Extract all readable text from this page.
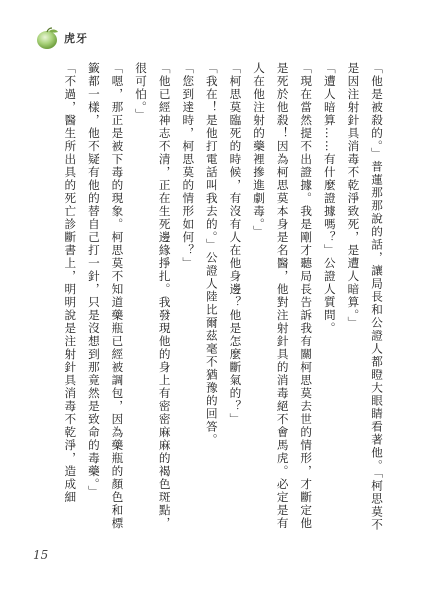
虎牙

「他是被殺的。」普蓮那那說的話，讓局長和公證人都瞪大眼睛看著他。「柯思莫不是因注射針具消毒不乾淨致死，是遭人暗算。」

「遭人暗算……有什麼證據嗎？」公證人質問。

「現在當然提不出證據。我是剛才聽局長告訴我有關柯思莫去世的情形，才斷定他是死於他殺！因為柯思莫本身是名醫，他對注射針具的消毒絕不會馬虎。必定是有人在他注射的藥裡摻進劇毒。」

「柯思莫臨死的時候，有沒有人在他身邊？他是怎麼斷氣的？」

「我在！是他打電話叫我去的。」公證人陸比爾茲毫不猶豫的回答。

「您到達時，柯思莫的情形如何？」

「他已經神志不清，正在生死邊緣掙扎。我發現他的身上有密密麻麻的褐色斑點，很可怕。」

「嗯，那正是被下毒的現象。柯思莫不知道藥瓶已經被調包，因為藥瓶的顏色和標籤都一樣，他不疑有他的替自己打一針，只是沒想到那竟然是致命的毒藥。」

「不過，醫生所出具的死亡診斷書上，明明說是注射針具消毒不乾淨，造成細

15
